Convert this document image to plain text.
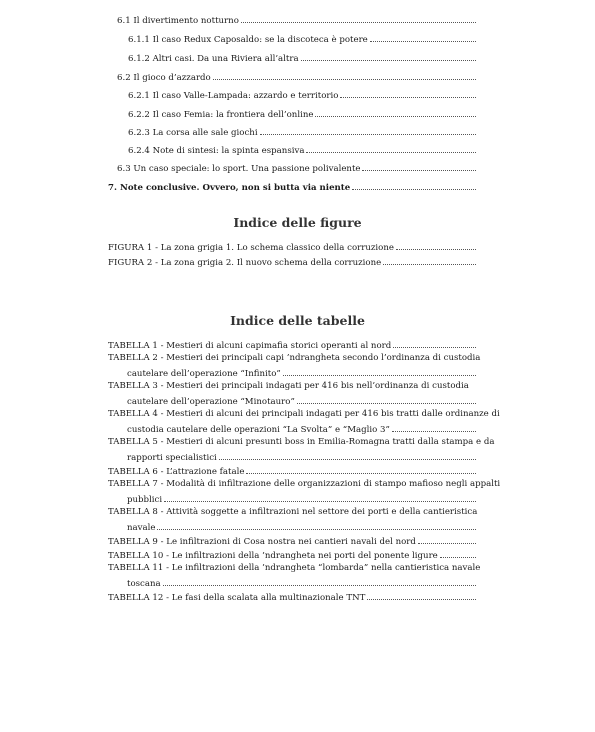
6.1 Il divertimento notturno
6.1.1 Il caso Redux Caposaldo: se la discoteca è potere
6.1.2 Altri casi. Da una Riviera all’altra
6.2 Il gioco d’azzardo
6.2.1 Il caso Valle-Lampada: azzardo e territorio
6.2.2 Il caso Femia: la frontiera dell’online
6.2.3 La corsa alle sale giochi
6.2.4 Note di sintesi: la spinta espansiva
6.3 Un caso speciale: lo sport. Una passione polivalente
7. Note conclusive. Ovvero, non si butta via niente
Indice delle figure
FIGURA 1 - La zona grigia 1. Lo schema classico della corruzione
FIGURA 2 - La zona grigia 2. Il nuovo schema della corruzione
Indice delle tabelle
TABELLA 1 - Mestieri di alcuni capimafia storici operanti al nord
TABELLA 2 - Mestieri dei principali capi ’ndrangheta secondo l’ordinanza di custodia
cautelare dell’operazione “Infinito”
TABELLA 3 - Mestieri dei principali indagati per 416 bis nell’ordinanza di custodia
cautelare dell’operazione “Minotauro”
TABELLA 4 - Mestieri di alcuni dei principali indagati per 416 bis tratti dalle ordinanze di
custodia cautelare delle operazioni “La Svolta” e “Maglio 3”
TABELLA 5 - Mestieri di alcuni presunti boss in Emilia-Romagna tratti dalla stampa e da
rapporti specialistici
TABELLA 6 - L’attrazione fatale
TABELLA 7 - Modalità di infiltrazione delle organizzazioni di stampo mafioso negli appalti
pubblici
TABELLA 8 - Attività soggette a infiltrazioni nel settore dei porti e della cantieristica
navale
TABELLA 9 - Le infiltrazioni di Cosa nostra nei cantieri navali del nord
TABELLA 10 - Le infiltrazioni della ’ndrangheta nei porti del ponente ligure
TABELLA 11 - Le infiltrazioni della ’ndrangheta “lombarda” nella cantieristica navale
toscana
TABELLA 12 - Le fasi della scalata alla multinazionale TNT
